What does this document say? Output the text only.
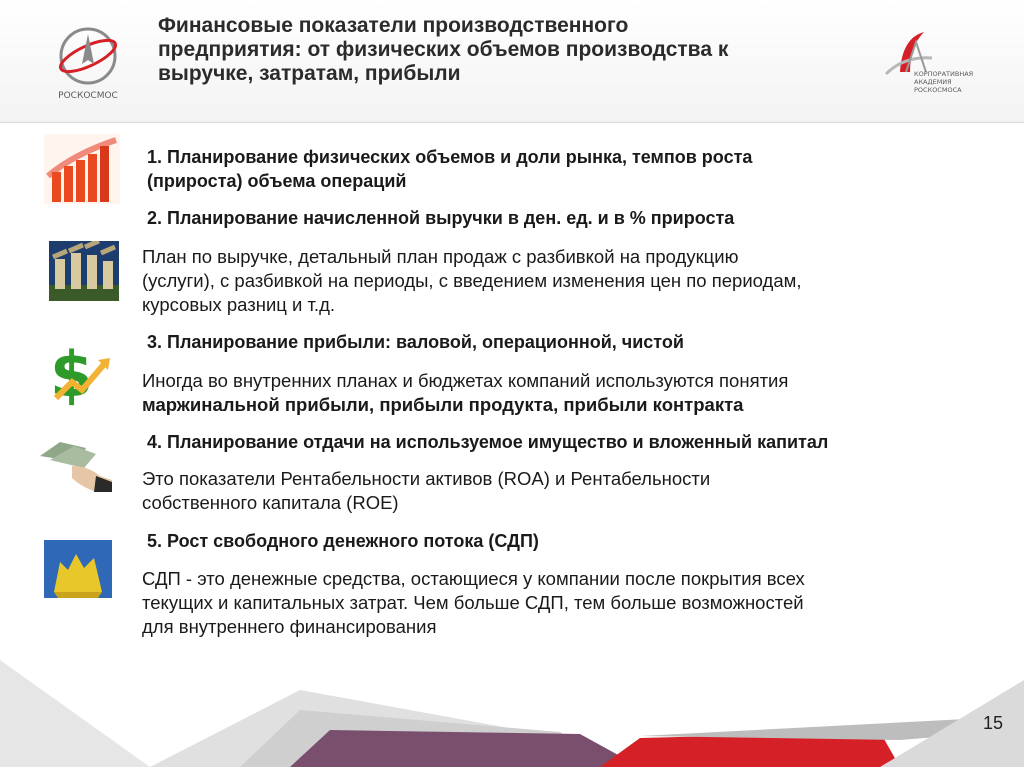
РОСКОСМОС
Финансовые показатели производственного
предприятия: от физических объемов производства к
выручке, затратам, прибыли	КОРПОРАТИВНАЯ
АКАДЕМИЯ
РОСКОСМОСА
$

1. Планирование физических объемов и доли рынка, темпов роста
(прироста) объема операций

2. Планирование начисленной выручки в ден. ед. и в % прироста

План по выручке, детальный план продаж с разбивкой на продукцию
(услуги), с разбивкой на периоды, с введением изменения цен по периодам,
курсовых разниц и т.д.

3. Планирование прибыли: валовой, операционной, чистой

Иногда во внутренних планах и бюджетах компаний используются понятия
маржинальной прибыли, прибыли продукта, прибыли контракта

4. Планирование отдачи на используемое имущество и вложенный капитал

Это показатели Рентабельности активов (ROA) и Рентабельности
собственного капитала (ROE)

5. Рост свободного денежного потока (СДП)

СДП - это денежные средства, остающиеся у компании после покрытия всех
текущих и капитальных затрат. Чем больше СДП, тем больше возможностей
для внутреннего финансирования

15
